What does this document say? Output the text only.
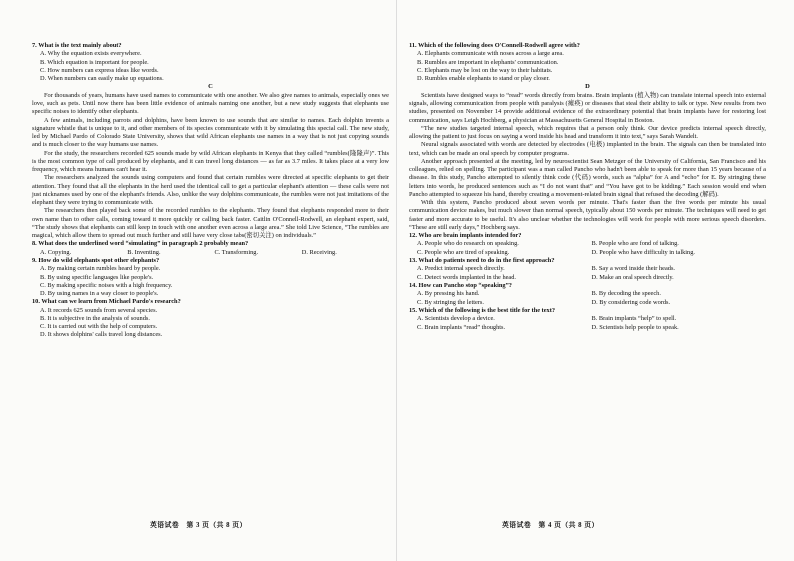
7. What is the text mainly about?

A. Why the equation exists everywhere.

B. Which equation is important for people.

C. How numbers can express ideas like words.

D. When numbers can easily make up equations.

C

For thousands of years, humans have used names to communicate with one another. We also give names to animals, especially ones we love, such as pets. Until now there has been little evidence of animals naming one another, but a new study suggests that elephants use specific noises to identify other elephants.

A few animals, including parrots and dolphins, have been known to use sounds that are similar to names. Each dolphin invents a signature whistle that is unique to it, and other members of its species communicate with it by simulating this special call. The new study, led by Michael Pardo of Colorado State University, shows that wild African elephants use names in a way that is not just copying sounds and is much closer to the way humans use names.

For the study, the researchers recorded 625 sounds made by wild African elephants in Kenya that they called “rumbles(隆隆声)”. This is the most common type of call produced by elephants, and it can travel long distances — as far as 3.7 miles. It takes place at a very low frequency, which means humans can't hear it.

The researchers analyzed the sounds using computers and found that certain rumbles were directed at specific elephants to get their attention. They found that all the elephants in the herd used the identical call to get a particular elephant's attention — these calls were not just nicknames used by one of the elephant's friends. Also, unlike the way dolphins communicate, the rumbles were not just imitations of the elephant they were trying to communicate with.

The researchers then played back some of the recorded rumbles to the elephants. They found that elephants responded more to their own name than to other calls, coming toward it more quickly or calling back faster. Caitlin O'Connell-Rodwell, an elephant expert, said, “The study shows that elephants can still keep in touch with one another even across a large area.” She told Live Science, “The rumbles are magical, which allow them to spread out much further and still have very close tabs(密切关注) on individuals.”

8. What does the underlined word “simulating” in paragraph 2 probably mean?

A. Copying.	B. Inventing.	C. Transforming.	D. Receiving.

9. How do wild elephants spot other elephants?

A. By making certain rumbles heard by people.

B. By using specific languages like people's.

C. By making specific noises with a high frequency.

D. By using names in a way closer to people's.

10. What can we learn from Michael Pardo's research?

A. It records 625 sounds from several species.

B. It is subjective in the analysis of sounds.

C. It is carried out with the help of computers.

D. It shows dolphins' calls travel long distances.

英语试卷　第 3 页（共 8 页）

11. Which of the following does O'Connell-Rodwell agree with?

A. Elephants communicate with noses across a large area.

B. Rumbles are important in elephants' communication.

C. Elephants may be lost on the way to their habitats.

D. Rumbles enable elephants to stand or play closer.

D

Scientists have designed ways to “read” words directly from brains. Brain implants (植入物) can translate internal speech into external signals, allowing communication from people with paralysis (瘫痪) or diseases that steal their ability to talk or type. New results from two studies, presented on November 14 provide additional evidence of the extraordinary potential that brain implants have for restoring lost communication, says Leigh Hochberg, a physician at Massachusetts General Hospital in Boston.

“The new studies targeted internal speech, which requires that a person only think. Our device predicts internal speech directly, allowing the patient to just focus on saying a word inside his head and transform it into text,” says Sarah Wandelt.

Neural signals associated with words are detected by electrodes (电极) implanted in the brain. The signals can then be translated into text, which can be made an oral speech by computer programs.

Another approach presented at the meeting, led by neuroscientist Sean Metzger of the University of California, San Francisco and his colleagues, relied on spelling. The participant was a man called Pancho who hadn't been able to speak for more than 15 years because of a disease. In this study, Pancho attempted to silently think code (代码) words, such as “alpha” for A and “echo” for E. By stringing these letters into words, he produced sentences such as “I do not want that” and “You have got to be kidding.” Each session would end when Pancho attempted to squeeze his hand, thereby creating a movement-related brain signal that refused the decoding (解码).

With this system, Pancho produced about seven words per minute. That's faster than the five words per minute his usual communication device makes, but much slower than normal speech, typically about 150 words per minute. The techniques will need to get faster and more accurate to be useful. It's also unclear whether the technologies will work for people with more serious speech disorders. “These are still early days,” Hochberg says.

12. Who are brain implants intended for?

A. People who do research on speaking.	B. People who are fond of talking.
C. People who are tired of speaking.	D. People who have difficulty in talking.

13. What do patients need to do in the first approach?

A. Predict internal speech directly.	B. Say a word inside their heads.
C. Detect words implanted in the head.	D. Make an oral speech directly.

14. How can Pancho stop “speaking”?

A. By pressing his hand.	B. By decoding the speech.
C. By stringing the letters.	D. By considering code words.

15. Which of the following is the best title for the text?

A. Scientists develop a device.	B. Brain implants “help” to spell.
C. Brain implants “read” thoughts.	D. Scientists help people to speak.
英语试卷　第 4 页（共 8 页）
